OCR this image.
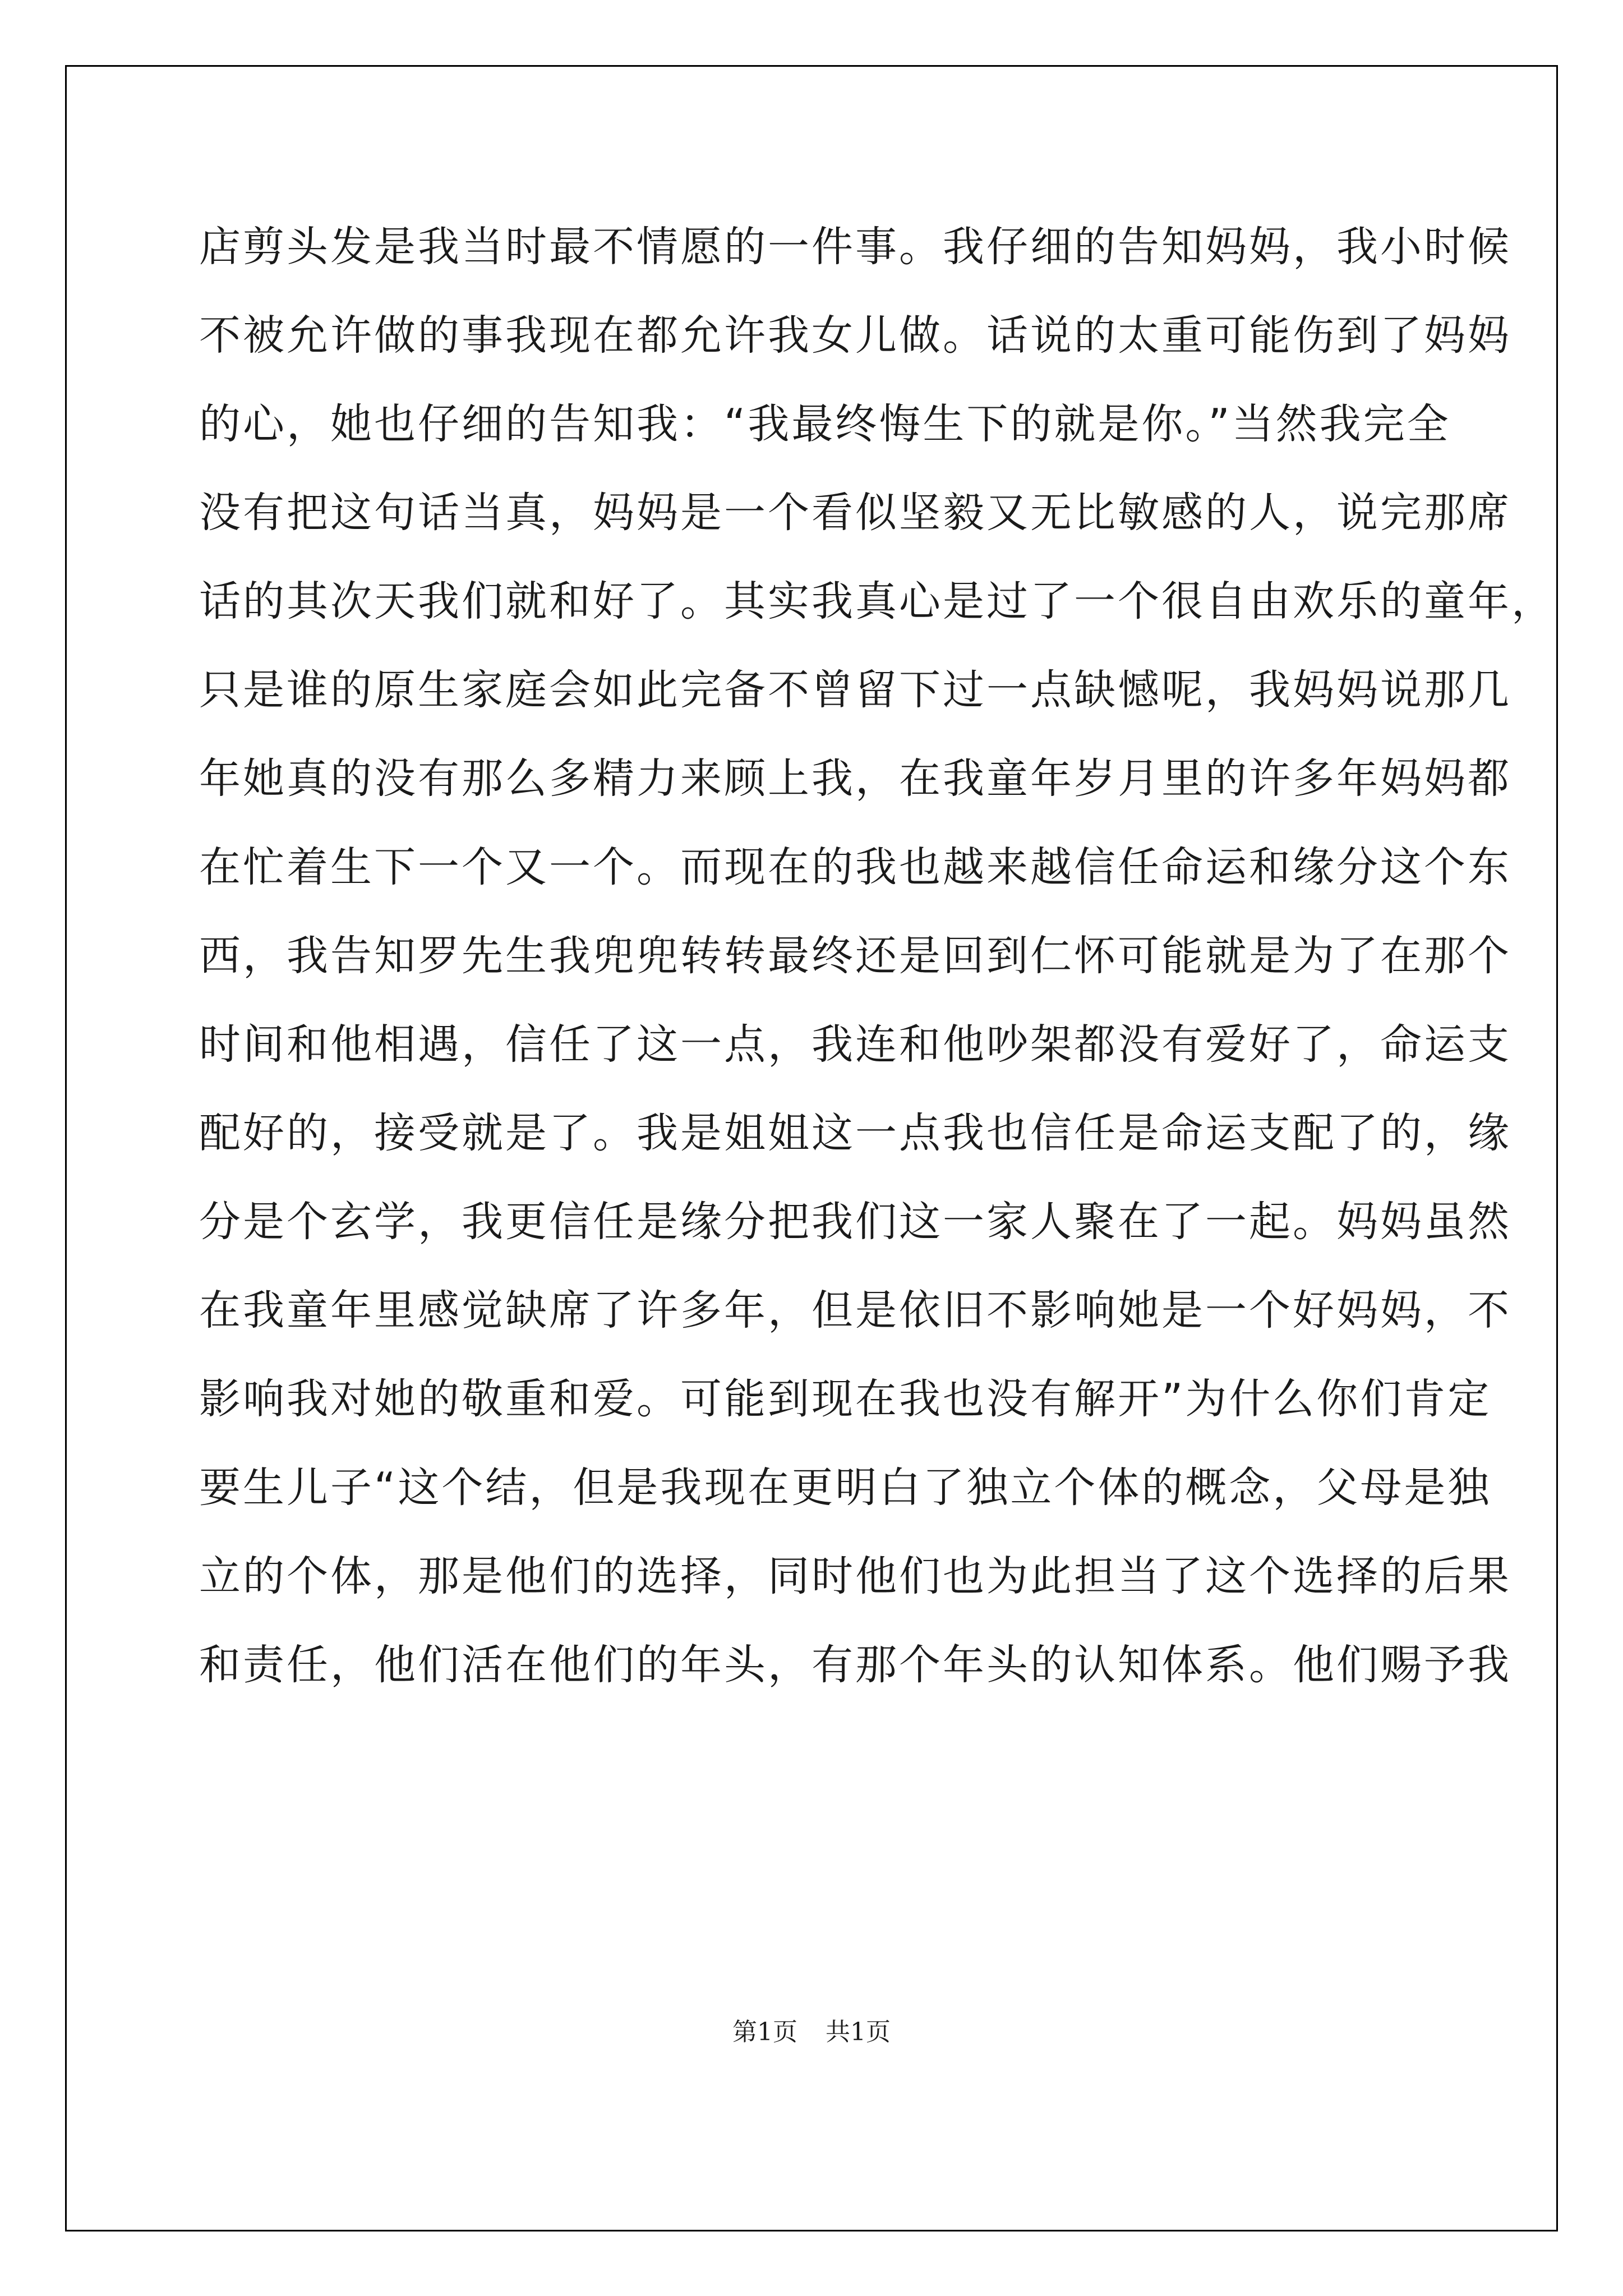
店剪头发是我当时最不情愿的一件事。我仔细的告知妈妈，我小时候
不被允许做的事我现在都允许我女儿做。话说的太重可能伤到了妈妈
的心，她也仔细的告知我：“我最终悔生下的就是你。”当然我完全
没有把这句话当真，妈妈是一个看似坚毅又无比敏感的人，说完那席
话的其次天我们就和好了。其实我真心是过了一个很自由欢乐的童年，
只是谁的原生家庭会如此完备不曾留下过一点缺憾呢，我妈妈说那几
年她真的没有那么多精力来顾上我，在我童年岁月里的许多年妈妈都
在忙着生下一个又一个。而现在的我也越来越信任命运和缘分这个东
西，我告知罗先生我兜兜转转最终还是回到仁怀可能就是为了在那个
时间和他相遇，信任了这一点，我连和他吵架都没有爱好了，命运支
配好的，接受就是了。我是姐姐这一点我也信任是命运支配了的，缘
分是个玄学，我更信任是缘分把我们这一家人聚在了一起。妈妈虽然
在我童年里感觉缺席了许多年，但是依旧不影响她是一个好妈妈，不
影响我对她的敬重和爱。可能到现在我也没有解开”为什么你们肯定
要生儿子“这个结，但是我现在更明白了独立个体的概念，父母是独
立的个体，那是他们的选择，同时他们也为此担当了这个选择的后果
和责任，他们活在他们的年头，有那个年头的认知体系。他们赐予我
第1页 共1页
